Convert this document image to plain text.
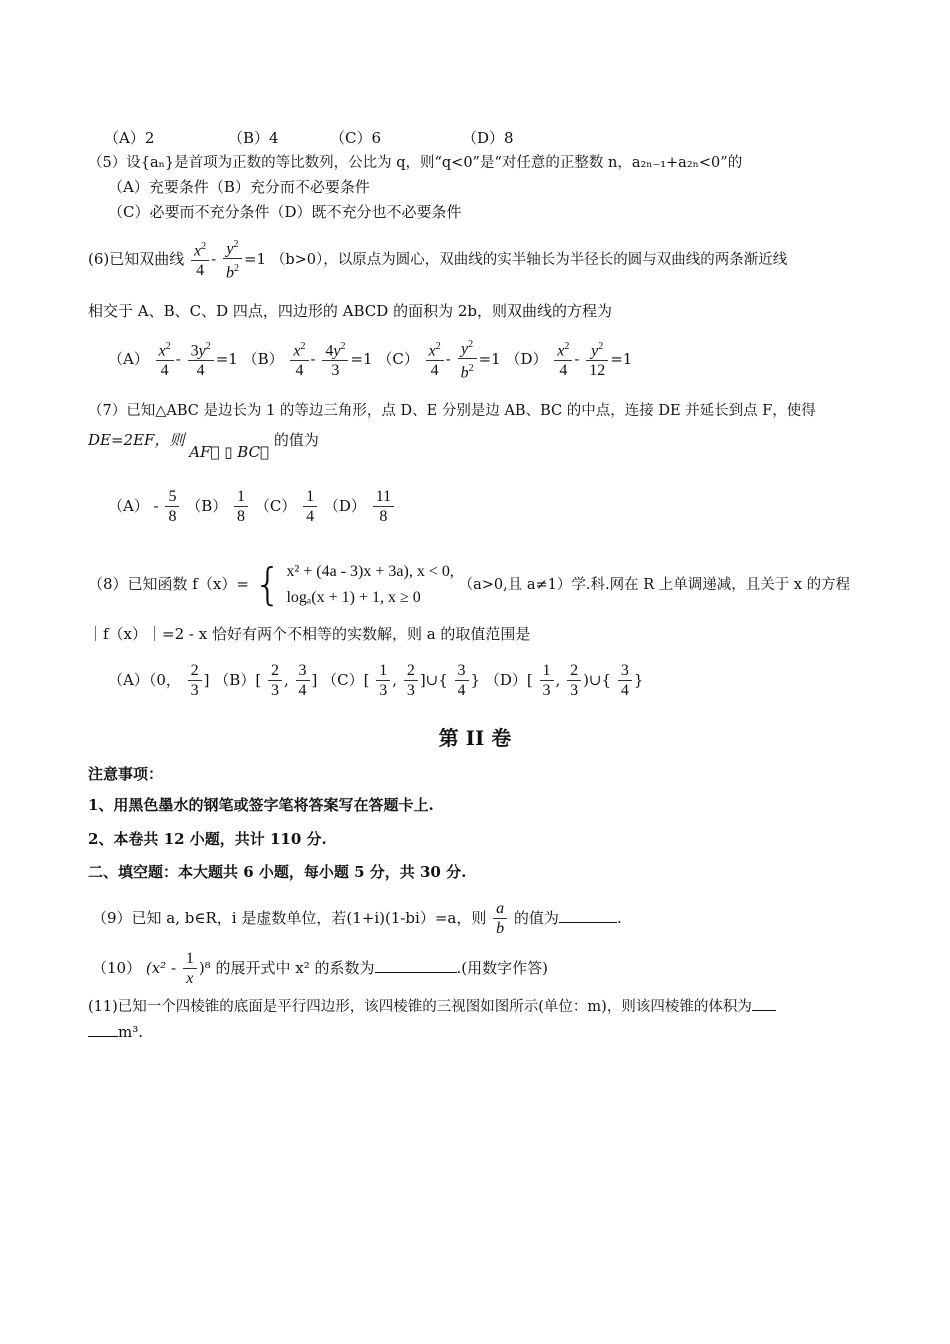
（A）2	（B）4	（C）6	（D）8
（5）设{aₙ}是首项为正数的等比数列，公比为 q，则“q<0”是“对任意的正整数 n，a₂ₙ₋₁+a₂ₙ<0”的
（A）充要条件（B）充分而不必要条件
（C）必要而不充分条件（D）既不充分也不必要条件
(6)已知双曲线 $\frac{x^2}{4} - \frac{y^2}{b^2} =1$ （b>0），以原点为圆心，双曲线的实半轴长为半径长的圆与双曲线的两条渐近线
相交于 A、B、C、D 四点，四边形的 ABCD 的面积为 2b，则双曲线的方程为
$(A) \frac{x^2}{4} - \frac{3y^2}{4} =1$ $(B) \frac{x^2}{4} - \frac{4y^2}{3} =1$ $(C) \frac{x^2}{4} - \frac{y^2}{b^2} =1$ $(D) \frac{x^2}{4} - \frac{y^2}{12} =1$
（7）已知△ABC 是边长为 1 的等边三角形，点 D、E 分别是边 AB、BC 的中点，连接 DE 并延长到点 F，使得
DE=2EF，则 AF⃗ ▯ BC⃗ 的值为
$(A) - \frac{5}{8} (B) \frac{1}{8} (C) \frac{1}{4} (D) \frac{11}{8}$
（8）已知函数 f（x）= { x² + (4a - 3)x + 3a), x < 0,
logₐ(x + 1) + 1, x ≥ 0
（a>0,且 a≠1）学.科.网在 R 上单调递减，且关于 x 的方程
｜f（x）｜=2 - x 恰好有两个不相等的实数解，则 a 的取值范围是
（A）（0， $\frac{2}{3}$ ] $(B)[ \frac{2}{3}$ , $\frac{3}{4}$ ] $(C)[ \frac{1}{3}$ , $\frac{2}{3}$ ]∪{ $\frac{3}{4}$ } $(D)[ \frac{1}{3}$ , $\frac{2}{3}$ )∪{ $\frac{3}{4}$ }
第 II 卷
注意事项：
1、用黑色墨水的钢笔或签字笔将答案写在答题卡上.
2、本卷共 12 小题，共计 110 分.
二、填空题：本大题共 6 小题，每小题 5 分，共 30 分.
（9）已知 a, b∈R，i 是虚数单位，若(1+i)(1-bi）=a，则 $\frac{a}{b}$ 的值为	.
（10） $(x^2 - \frac{1}{x} )^8$ 的展开式中 x² 的系数为	.(用数字作答)
(11)已知一个四棱锥的底面是平行四边形，该四棱锥的三视图如图所示(单位：m)，则该四棱锥的体积为
m³.
